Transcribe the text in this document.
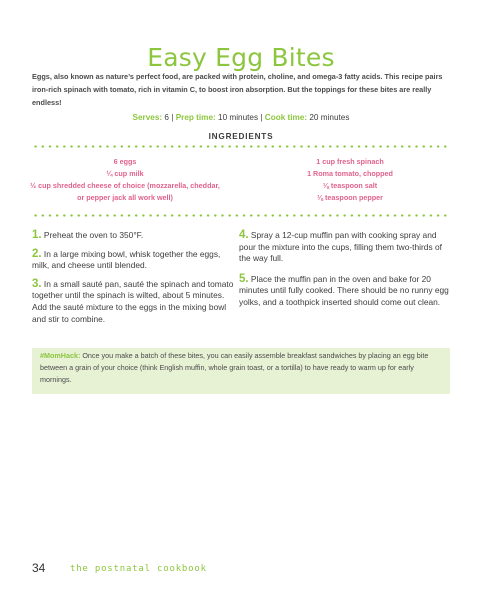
Easy Egg Bites

Eggs, also known as nature’s perfect food, are packed with protein, choline, and omega-3 fatty acids. This recipe pairs iron-rich spinach with tomato, rich in vitamin C, to boost iron absorption. But the toppings for these bites are really endless!

Serves: 6 | Prep time: 10 minutes | Cook time: 20 minutes
INGREDIENTS
6 eggs
¼ cup milk
½ cup shredded cheese of choice (mozzarella, cheddar, or pepper jack all work well)
1 cup fresh spinach
1 Roma tomato, chopped
⅛ teaspoon salt
⅛ teaspoon pepper

1. Preheat the oven to 350°F.

2. In a large mixing bowl, whisk together the eggs, milk, and cheese until blended.

3. In a small sauté pan, sauté the spinach and tomato together until the spinach is wilted, about 5 minutes. Add the sauté mixture to the eggs in the mixing bowl and stir to combine.

4. Spray a 12-cup muffin pan with cooking spray and pour the mixture into the cups, filling them two-thirds of the way full.

5. Place the muffin pan in the oven and bake for 20 minutes until fully cooked. There should be no runny egg yolks, and a toothpick inserted should come out clean.

#MomHack: Once you make a batch of these bites, you can easily assemble breakfast sandwiches by placing an egg bite between a grain of your choice (think English muffin, whole grain toast, or a tortilla) to have ready to warm up for early mornings.
34	the postnatal cookbook
